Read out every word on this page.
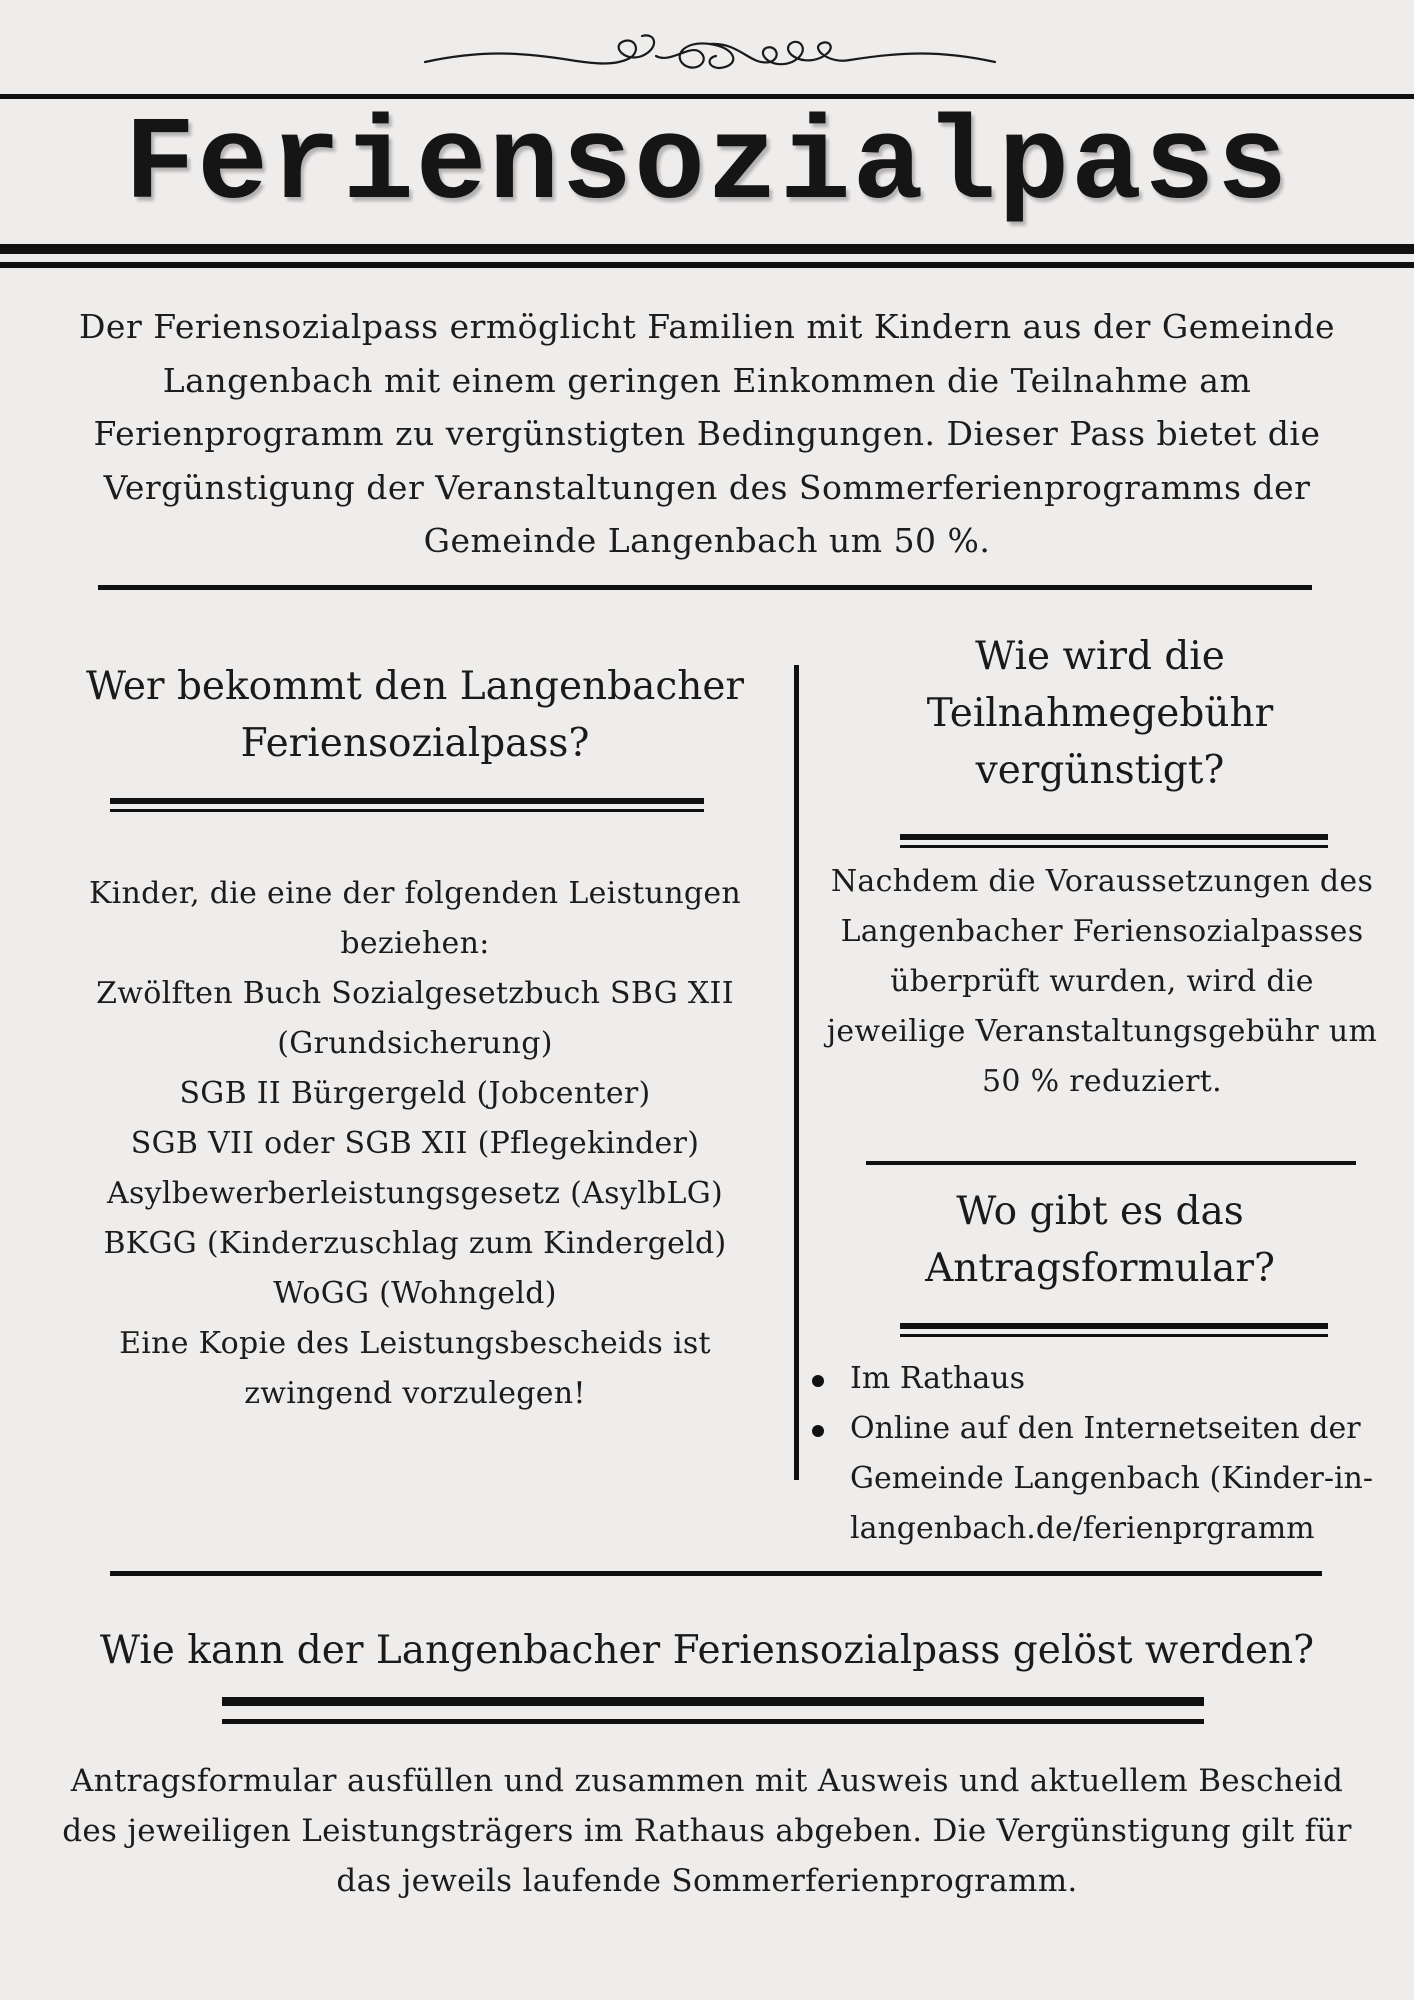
Feriensozialpass
Der Feriensozialpass ermöglicht Familien mit Kindern aus der Gemeinde Langenbach mit einem geringen Einkommen die Teilnahme am Ferienprogramm zu vergünstigten Bedingungen. Dieser Pass bietet die Vergünstigung der Veranstaltungen des Sommerferienprogramms der Gemeinde Langenbach um 50 %.
Wer bekommt den Langenbacher Feriensozialpass?
Kinder, die eine der folgenden Leistungen beziehen:
Zwölften Buch Sozialgesetzbuch SBG XII (Grundsicherung)
SGB II Bürgergeld (Jobcenter)
SGB VII oder SGB XII (Pflegekinder)
Asylbewerberleistungsgesetz (AsylbLG)
BKGG (Kinderzuschlag zum Kindergeld)
WoGG (Wohngeld)
Eine Kopie des Leistungsbescheids ist zwingend vorzulegen!
Wie wird die Teilnahmegebühr vergünstigt?
Nachdem die Voraussetzungen des Langenbacher Feriensozialpasses überprüft wurden, wird die jeweilige Veranstaltungsgebühr um 50 % reduziert.
Wo gibt es das Antragsformular?
Im Rathaus
Online auf den Internetseiten der Gemeinde Langenbach (Kinder-in-langenbach.de/ferienprgramm
Wie kann der Langenbacher Feriensozialpass gelöst werden?
Antragsformular ausfüllen und zusammen mit Ausweis und aktuellem Bescheid des jeweiligen Leistungsträgers im Rathaus abgeben. Die Vergünstigung gilt für das jeweils laufende Sommerferienprogramm.
